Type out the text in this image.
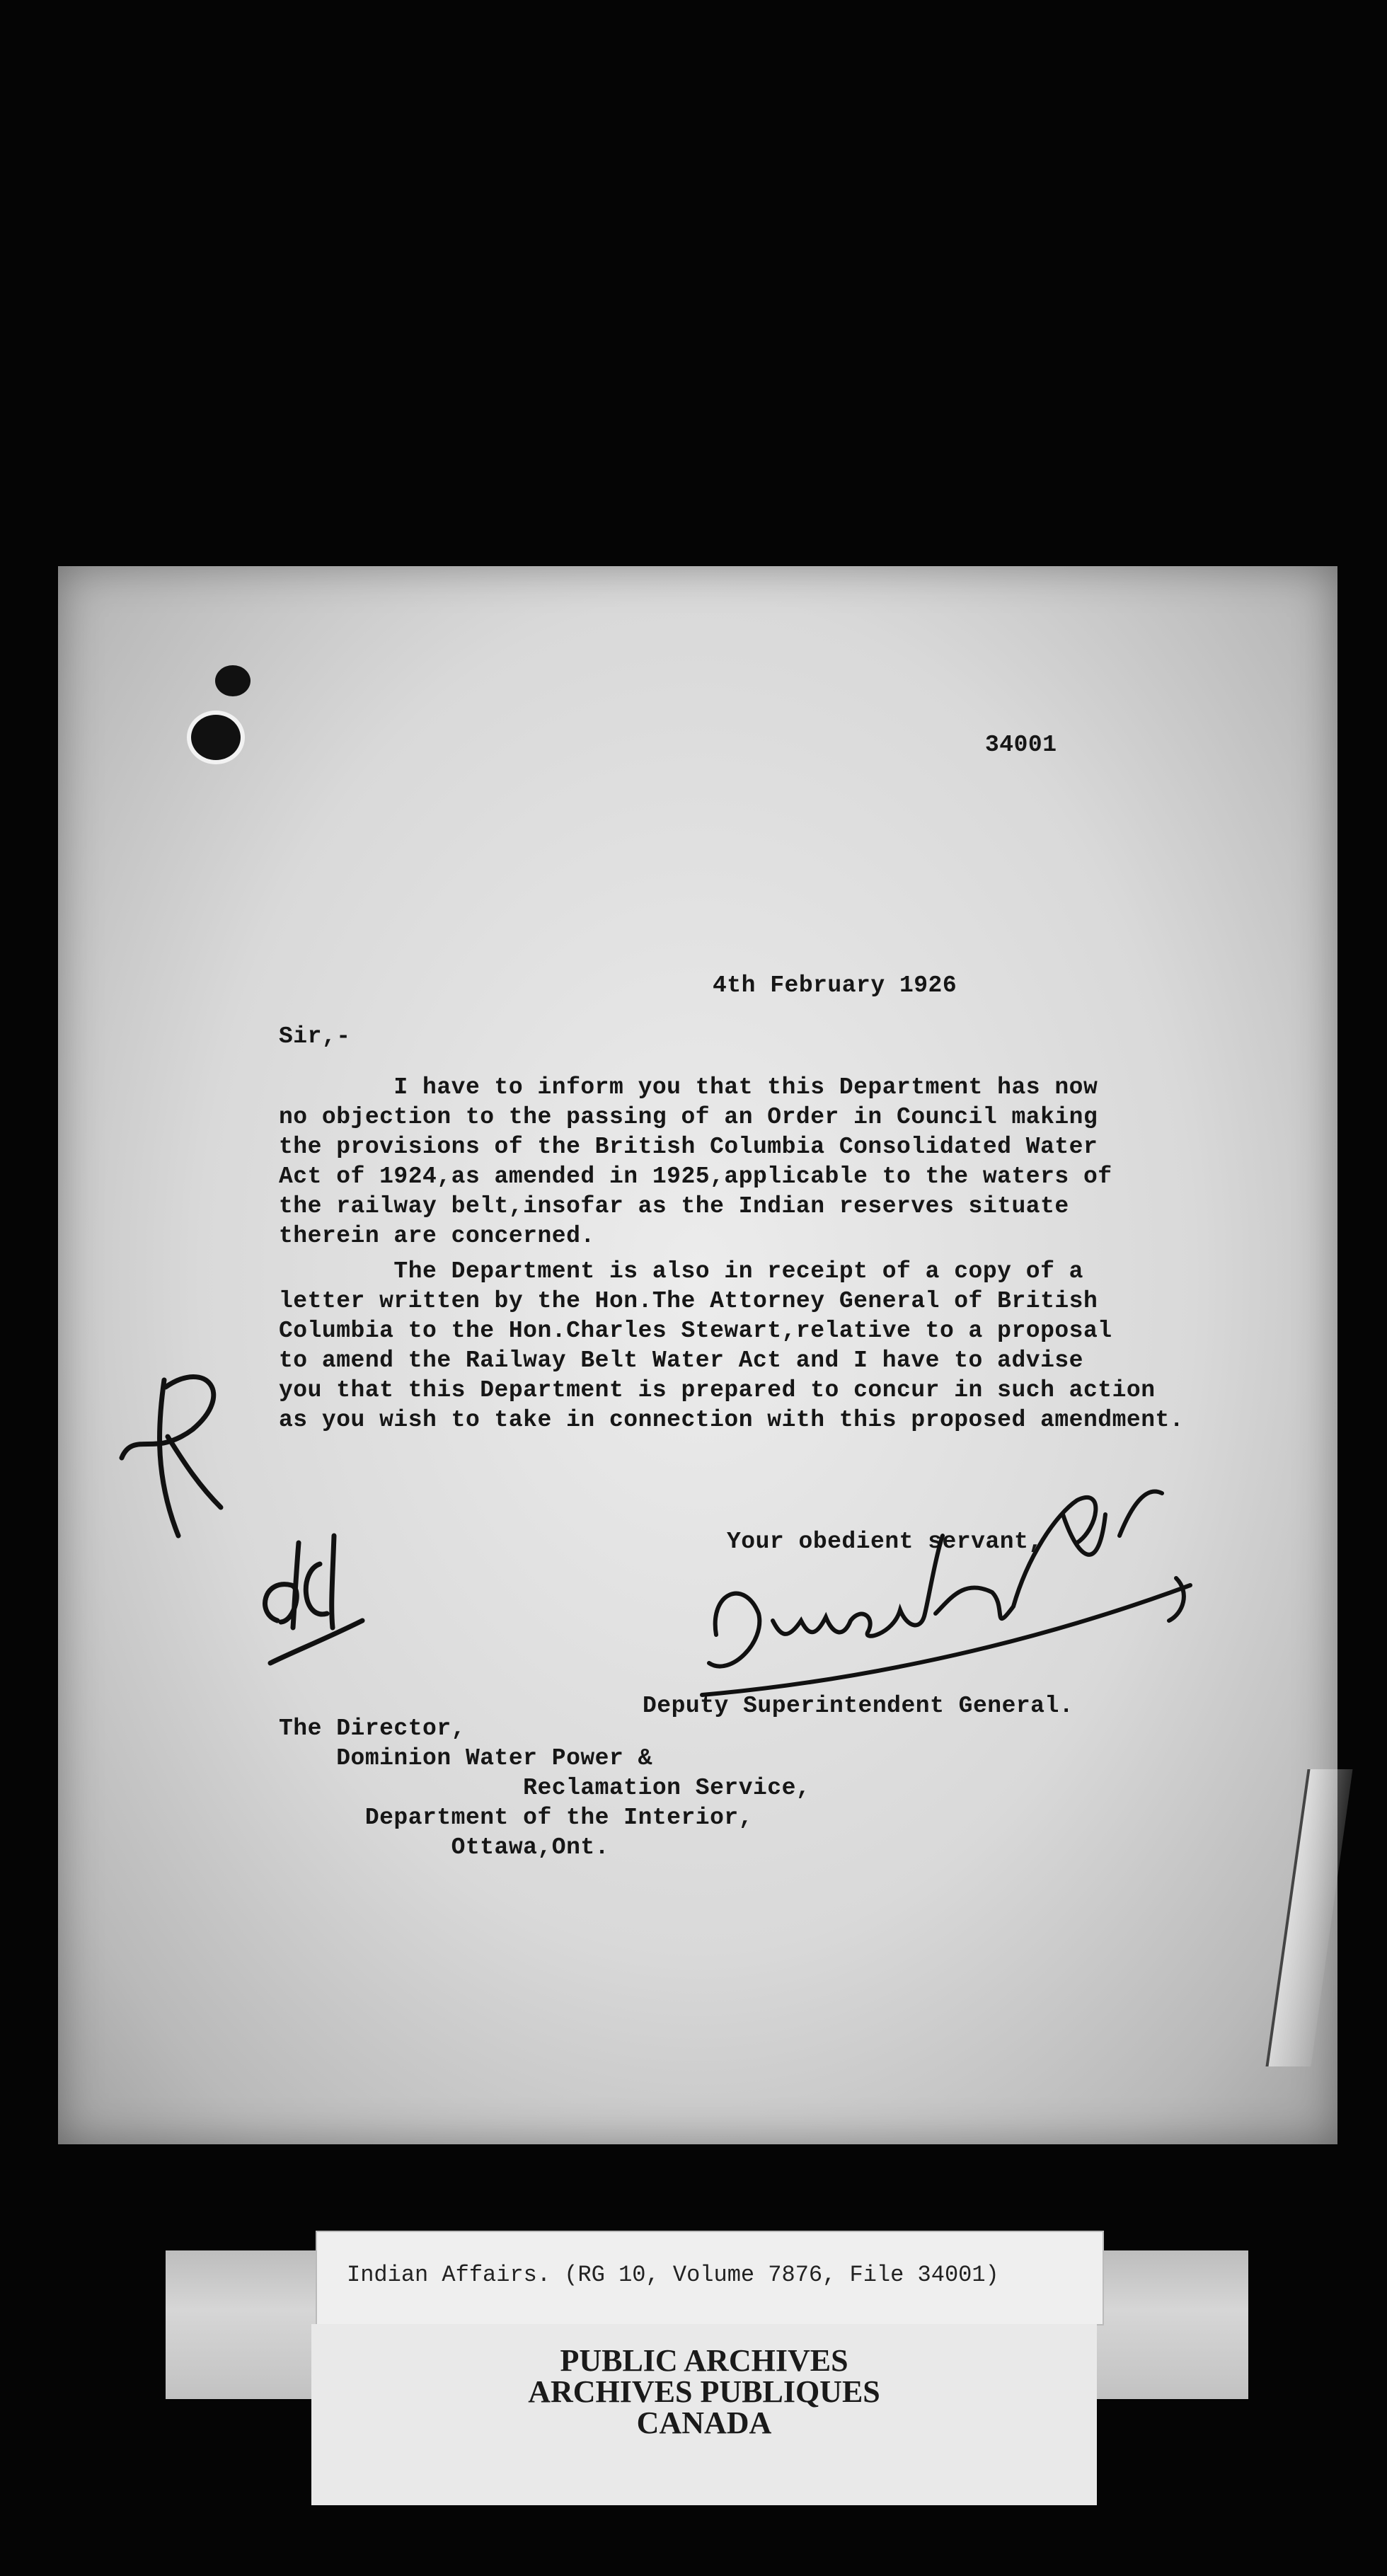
34001
4th February 1926
Sir,-
I have to inform you that this Department has now
no objection to the passing of an Order in Council making
the provisions of the British Columbia Consolidated Water
Act of 1924,as amended in 1925,applicable to the waters of
the railway belt,insofar as the Indian reserves situate
therein are concerned.
The Department is also in receipt of a copy of a
letter written by the Hon.The Attorney General of British
Columbia to the Hon.Charles Stewart,relative to a proposal
to amend the Railway Belt Water Act and I have to advise
you that this Department is prepared to concur in such action
as you wish to take in connection with this proposed amendment.
Your obedient servant,
Deputy Superintendent General.
The Director,
Dominion Water Power &
Reclamation Service,
Department of the Interior,
Ottawa,Ont.
Indian Affairs. (RG 10, Volume 7876, File 34001)
PUBLIC ARCHIVES
ARCHIVES PUBLIQUES
CANADA
